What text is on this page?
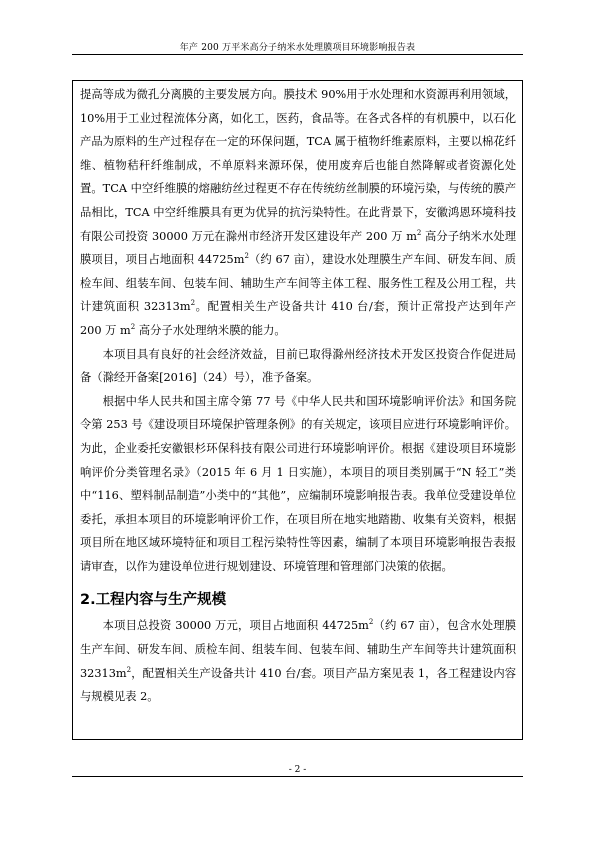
年产 200 万平米高分子纳米水处理膜项目环境影响报告表

提高等成为微孔分离膜的主要发展方向。膜技术 90%用于水处理和水资源再利用领域，10%用于工业过程流体分离，如化工，医药，食品等。在各式各样的有机膜中，以石化产品为原料的生产过程存在一定的环保问题，TCA 属于植物纤维素原料，主要以棉花纤维、植物秸秆纤维制成，不单原料来源环保，使用废弃后也能自然降解或者资源化处置。TCA 中空纤维膜的熔融纺丝过程更不存在传统纺丝制膜的环境污染，与传统的膜产品相比，TCA 中空纤维膜具有更为优异的抗污染特性。在此背景下，安徽鸿恩环境科技有限公司投资 30000 万元在滁州市经济开发区建设年产 200 万 $m^2$ 高分子纳米水处理膜项目，项目占地面积 $44725m^2$（约 67 亩），建设水处理膜生产车间、研发车间、质检车间、组装车间、包装车间、辅助生产车间等主体工程、服务性工程及公用工程，共计建筑面积 $32313m^2$。配置相关生产设备共计 410 台/套，预计正常投产达到年产 200 万 $m^2$ 高分子水处理纳米膜的能力。

本项目具有良好的社会经济效益，目前已取得滁州经济技术开发区投资合作促进局备（滁经开备案[2016]（24）号），准予备案。

根据中华人民共和国主席令第 77 号《中华人民共和国环境影响评价法》和国务院令第 253 号《建设项目环境保护管理条例》的有关规定，该项目应进行环境影响评价。为此，企业委托安徽银杉环保科技有限公司进行环境影响评价。根据《建设项目环境影响评价分类管理名录》（2015 年 6 月 1 日实施），本项目的项目类别属于“N 轻工”类中“116、塑料制品制造”小类中的“其他”，应编制环境影响报告表。我单位受建设单位委托，承担本项目的环境影响评价工作，在项目所在地实地踏勘、收集有关资料，根据项目所在地区域环境特征和项目工程污染特性等因素，编制了本项目环境影响报告表报请审查，以作为建设单位进行规划建设、环境管理和管理部门决策的依据。

2.工程内容与生产规模

本项目总投资 30000 万元，项目占地面积 $44725m^2$（约 67 亩），包含水处理膜生产车间、研发车间、质检车间、组装车间、包装车间、辅助生产车间等共计建筑面积 $32313m^2$，配置相关生产设备共计 410 台/套。项目产品方案见表 1，各工程建设内容与规模见表 2。

- 2 -
